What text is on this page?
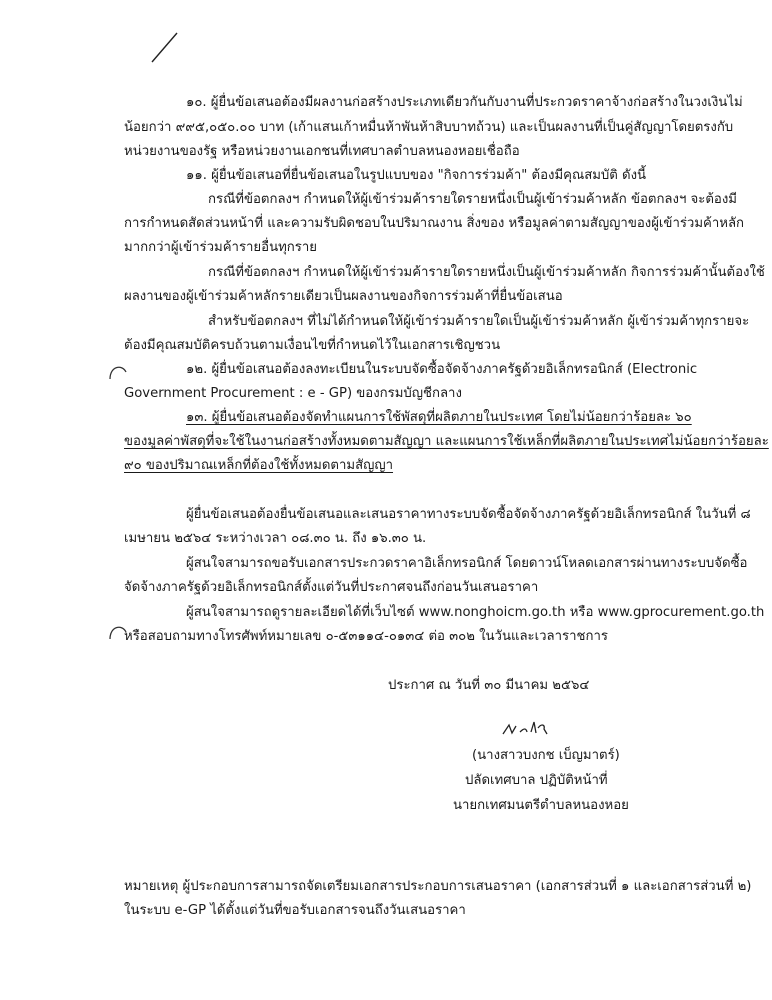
๑๐. ผู้ยื่นข้อเสนอต้องมีผลงานก่อสร้างประเภทเดียวกันกับงานที่ประกวดราคาจ้างก่อสร้างในวงเงินไม่
น้อยกว่า ๙๙๕,๐๕๐.๐๐ บาท (เก้าแสนเก้าหมื่นห้าพันห้าสิบบาทถ้วน) และเป็นผลงานที่เป็นคู่สัญญาโดยตรงกับ
หน่วยงานของรัฐ หรือหน่วยงานเอกชนที่เทศบาลตำบลหนองหอยเชื่อถือ
๑๑. ผู้ยื่นข้อเสนอที่ยื่นข้อเสนอในรูปแบบของ "กิจการร่วมค้า" ต้องมีคุณสมบัติ ดังนี้
กรณีที่ข้อตกลงฯ กำหนดให้ผู้เข้าร่วมค้ารายใดรายหนึ่งเป็นผู้เข้าร่วมค้าหลัก ข้อตกลงฯ จะต้องมี
การกำหนดสัดส่วนหน้าที่ และความรับผิดชอบในปริมาณงาน สิ่งของ หรือมูลค่าตามสัญญาของผู้เข้าร่วมค้าหลัก
มากกว่าผู้เข้าร่วมค้ารายอื่นทุกราย
กรณีที่ข้อตกลงฯ กำหนดให้ผู้เข้าร่วมค้ารายใดรายหนึ่งเป็นผู้เข้าร่วมค้าหลัก กิจการร่วมค้านั้นต้องใช้
ผลงานของผู้เข้าร่วมค้าหลักรายเดียวเป็นผลงานของกิจการร่วมค้าที่ยื่นข้อเสนอ
สำหรับข้อตกลงฯ ที่ไม่ได้กำหนดให้ผู้เข้าร่วมค้ารายใดเป็นผู้เข้าร่วมค้าหลัก ผู้เข้าร่วมค้าทุกรายจะ
ต้องมีคุณสมบัติครบถ้วนตามเงื่อนไขที่กำหนดไว้ในเอกสารเชิญชวน
๑๒. ผู้ยื่นข้อเสนอต้องลงทะเบียนในระบบจัดซื้อจัดจ้างภาครัฐด้วยอิเล็กทรอนิกส์ (Electronic
Government Procurement : e - GP) ของกรมบัญชีกลาง
๑๓. ผู้ยื่นข้อเสนอต้องจัดทำแผนการใช้พัสดุที่ผลิตภายในประเทศ โดยไม่น้อยกว่าร้อยละ ๖๐
ของมูลค่าพัสดุที่จะใช้ในงานก่อสร้างทั้งหมดตามสัญญา และแผนการใช้เหล็กที่ผลิตภายในประเทศไม่น้อยกว่าร้อยละ
๙๐ ของปริมาณเหล็กที่ต้องใช้ทั้งหมดตามสัญญา
ผู้ยื่นข้อเสนอต้องยื่นข้อเสนอและเสนอราคาทางระบบจัดซื้อจัดจ้างภาครัฐด้วยอิเล็กทรอนิกส์ ในวันที่ ๘
เมษายน ๒๕๖๔ ระหว่างเวลา ๐๘.๓๐ น. ถึง ๑๖.๓๐ น.
ผู้สนใจสามารถขอรับเอกสารประกวดราคาอิเล็กทรอนิกส์ โดยดาวน์โหลดเอกสารผ่านทางระบบจัดซื้อ
จัดจ้างภาครัฐด้วยอิเล็กทรอนิกส์ตั้งแต่วันที่ประกาศจนถึงก่อนวันเสนอราคา
ผู้สนใจสามารถดูรายละเอียดได้ที่เว็บไซต์ www.nonghoicm.go.th หรือ www.gprocurement.go.th
หรือสอบถามทางโทรศัพท์หมายเลข ๐-๕๓๑๑๔-๐๑๓๔ ต่อ ๓๐๒ ในวันและเวลาราชการ
ประกาศ ณ วันที่ ๓๐ มีนาคม ๒๕๖๔
(นางสาวบงกช เบ็ญมาตร์)
ปลัดเทศบาล ปฏิบัติหน้าที่
นายกเทศมนตรีตำบลหนองหอย
หมายเหตุ ผู้ประกอบการสามารถจัดเตรียมเอกสารประกอบการเสนอราคา (เอกสารส่วนที่ ๑ และเอกสารส่วนที่ ๒)
ในระบบ e-GP ได้ตั้งแต่วันที่ขอรับเอกสารจนถึงวันเสนอราคา
